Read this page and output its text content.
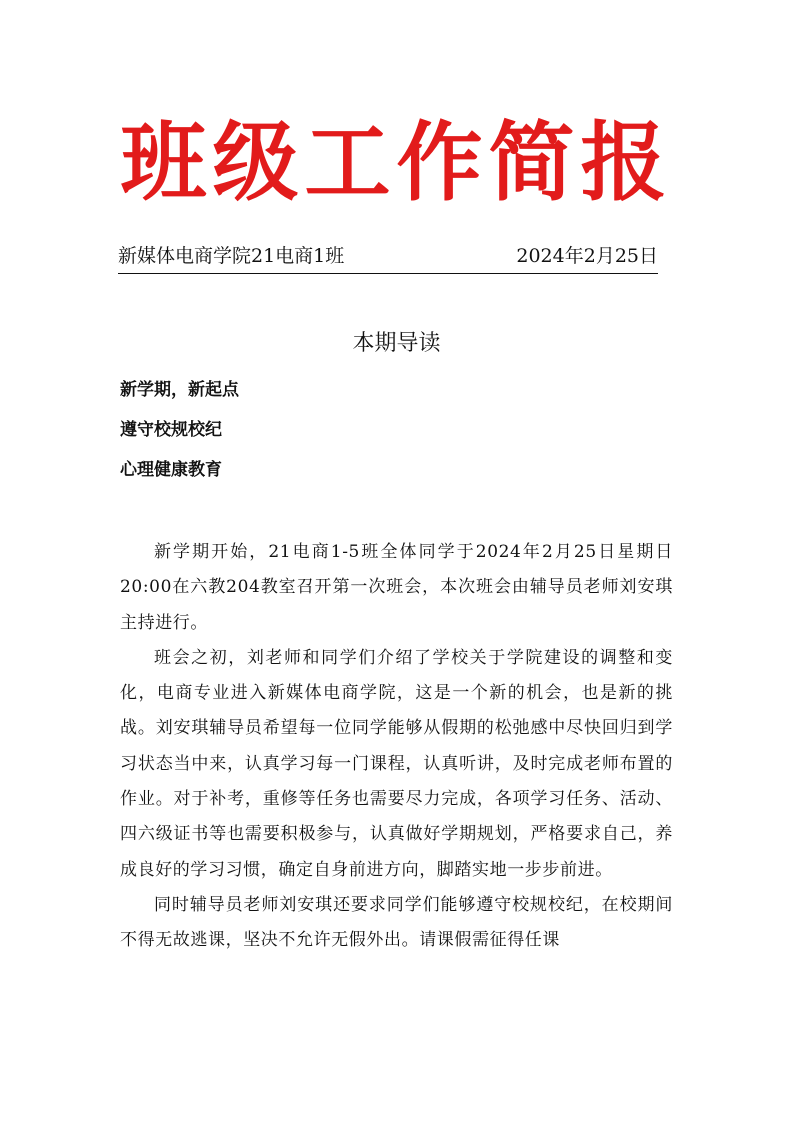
班级工作简报
新媒体电商学院21电商1班	2024年2月25日
本期导读
新学期，新起点
遵守校规校纪
心理健康教育

新学期开始，21电商1-5班全体同学于2024年2月25日星期日20:00在六教204教室召开第一次班会，本次班会由辅导员老师刘安琪主持进行。

班会之初，刘老师和同学们介绍了学校关于学院建设的调整和变化，电商专业进入新媒体电商学院，这是一个新的机会，也是新的挑战。刘安琪辅导员希望每一位同学能够从假期的松弛感中尽快回归到学习状态当中来，认真学习每一门课程，认真听讲，及时完成老师布置的作业。对于补考，重修等任务也需要尽力完成，各项学习任务、活动、四六级证书等也需要积极参与，认真做好学期规划，严格要求自己，养成良好的学习习惯，确定自身前进方向，脚踏实地一步步前进。

同时辅导员老师刘安琪还要求同学们能够遵守校规校纪，在校期间不得无故逃课，坚决不允许无假外出。请课假需征得任课
